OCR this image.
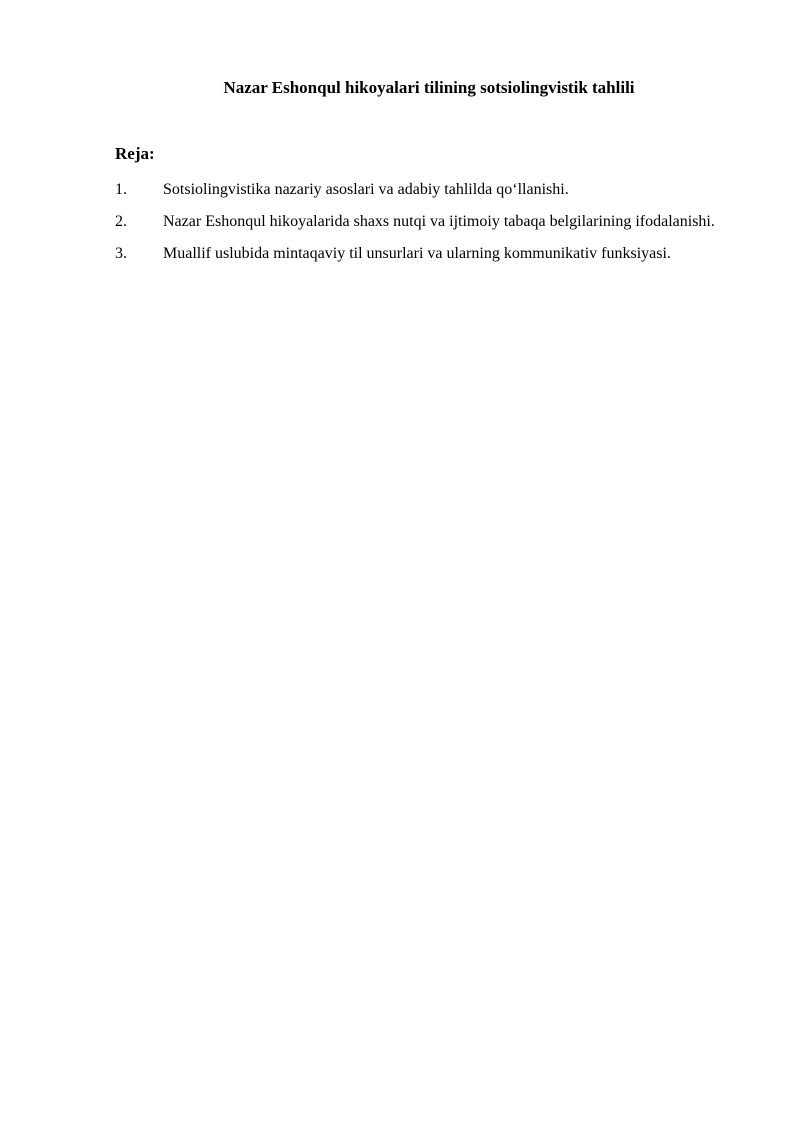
Nazar Eshonqul hikoyalari tilining sotsiolingvistik tahlili
Reja:
1. Sotsiolingvistika nazariy asoslari va adabiy tahlilda qo‘llanishi.
2. Nazar Eshonqul hikoyalarida shaxs nutqi va ijtimoiy tabaqa belgilarining ifodalanishi.
3. Muallif uslubida mintaqaviy til unsurlari va ularning kommunikativ funksiyasi.
